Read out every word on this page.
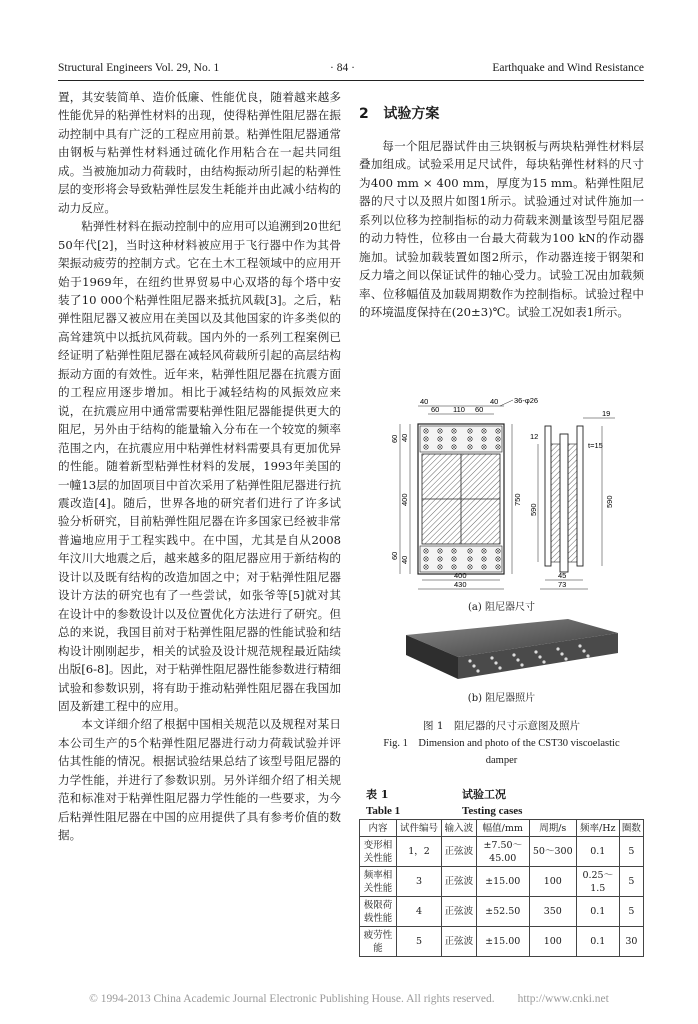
Structural Engineers Vol. 29, No. 1	· 84 ·	Earthquake and Wind Resistance

置，其安装简单、造价低廉、性能优良，随着越来越多性能优异的粘弹性材料的出现，使得粘弹性阻尼器在振动控制中具有广泛的工程应用前景。粘弹性阻尼器通常由钢板与粘弹性材料通过硫化作用粘合在一起共同组成。当被施加动力荷载时，由结构振动所引起的粘弹性层的变形将会导致粘弹性层发生耗能并由此减小结构的动力反应。

粘弹性材料在振动控制中的应用可以追溯到20世纪50年代[2]，当时这种材料被应用于飞行器中作为其骨架振动疲劳的控制方式。它在土木工程领域中的应用开始于1969年，在纽约世界贸易中心双塔的每个塔中安装了10 000个粘弹性阻尼器来抵抗风载[3]。之后，粘弹性阻尼器又被应用在美国以及其他国家的许多类似的高耸建筑中以抵抗风荷载。国内外的一系列工程案例已经证明了粘弹性阻尼器在减轻风荷载所引起的高层结构振动方面的有效性。近年来，粘弹性阻尼器在抗震方面的工程应用逐步增加。相比于减轻结构的风振效应来说，在抗震应用中通常需要粘弹性阻尼器能提供更大的阻尼，另外由于结构的能量输入分布在一个较宽的频率范围之内，在抗震应用中粘弹性材料需要具有更加优异的性能。随着新型粘弹性材料的发展，1993年美国的一幢13层的加固项目中首次采用了粘弹性阻尼器进行抗震改造[4]。随后，世界各地的研究者们进行了许多试验分析研究，目前粘弹性阻尼器在许多国家已经被非常普遍地应用于工程实践中。在中国，尤其是自从2008年汶川大地震之后，越来越多的阻尼器应用于新结构的设计以及既有结构的改造加固之中；对于粘弹性阻尼器设计方法的研究也有了一些尝试，如张爷等[5]就对其在设计中的参数设计以及位置优化方法进行了研究。但总的来说，我国目前对于粘弹性阻尼器的性能试验和结构设计刚刚起步，相关的试验及设计规范规程最近陆续出版[6-8]。因此，对于粘弹性阻尼器性能参数进行精细试验和参数识别，将有助于推动粘弹性阻尼器在我国加固及新建工程中的应用。

本文详细介绍了根据中国相关规范以及规程对某日本公司生产的5个粘弹性阻尼器进行动力荷载试验并评估其性能的情况。根据试验结果总结了该型号阻尼器的力学性能，并进行了参数识别。另外详细介绍了相关规范和标准对于粘弹性阻尼器力学性能的一些要求，为今后粘弹性阻尼器在中国的应用提供了具有参考价值的数据。

2 试验方案

每一个阻尼器试件由三块钢板与两块粘弹性材料层叠加组成。试验采用足尺试件，每块粘弹性材料的尺寸为400 mm × 400 mm，厚度为15 mm。粘弹性阻尼器的尺寸以及照片如图1所示。试验通过对试件施加一系列以位移为控制指标的动力荷载来测量该型号阻尼器的动力特性，位移由一台最大荷载为100 kN的作动器施加。试验加载装置如图2所示，作动器连接于钢架和反力墙之间以保证试件的轴心受力。试验工况由加载频率、位移幅值及加载周期数作为控制指标。试验过程中的环境温度保持在(20±3)℃。试验工况如表1所示。

40
60 110 60
40 36-φ26
40
60
400
60 40
750
400
430
19
12
t=15
590
590
45
73
(a) 阻尼器尺寸
(b) 阻尼器照片
图 1　阻尼器的尺寸示意图及照片
Fig. 1　Dimension and photo of the CST30 viscoelastic
damper
表 1	试验工况
Table 1	Testing cases
内容	试件编号	输入波	幅值/mm	周期/s	频率/Hz	圈数
变形相关性能	1，2	正弦波	±7.50～45.00	50～300	0.1	5
频率相关性能	3	正弦波	±15.00	100	0.25～1.5	5
极限荷载性能	4	正弦波	±52.50	350	0.1	5
疲劳性能	5	正弦波	±15.00	100	0.1	30
© 1994-2013 China Academic Journal Electronic Publishing House. All rights reserved.　　http://www.cnki.net
